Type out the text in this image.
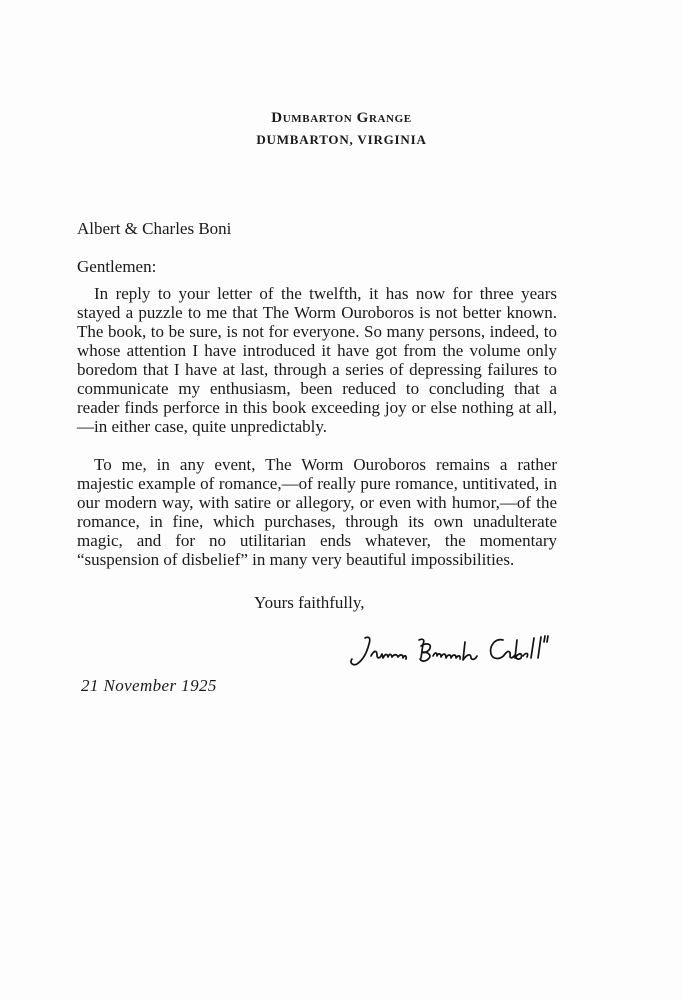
Dumbarton Grange
DUMBARTON, VIRGINIA
Albert & Charles Boni
Gentlemen:

In reply to your letter of the twelfth, it has now for three years stayed a puzzle to me that The Worm Ouroboros is not better known. The book, to be sure, is not for everyone. So many persons, indeed, to whose attention I have introduced it have got from the volume only boredom that I have at last, through a series of depressing failures to communicate my enthusiasm, been reduced to concluding that a reader finds perforce in this book exceeding joy or else nothing at all,—in either case, quite unpredictably.

To me, in any event, The Worm Ouroboros remains a rather majestic example of romance,—of really pure romance, untitivated, in our modern way, with satire or allegory, or even with humor,—of the romance, in fine, which purchases, through its own unadulterate magic, and for no utilitarian ends whatever, the momentary “suspension of disbelief” in many very beautiful impossibilities.

Yours faithfully,
21 November 1925
